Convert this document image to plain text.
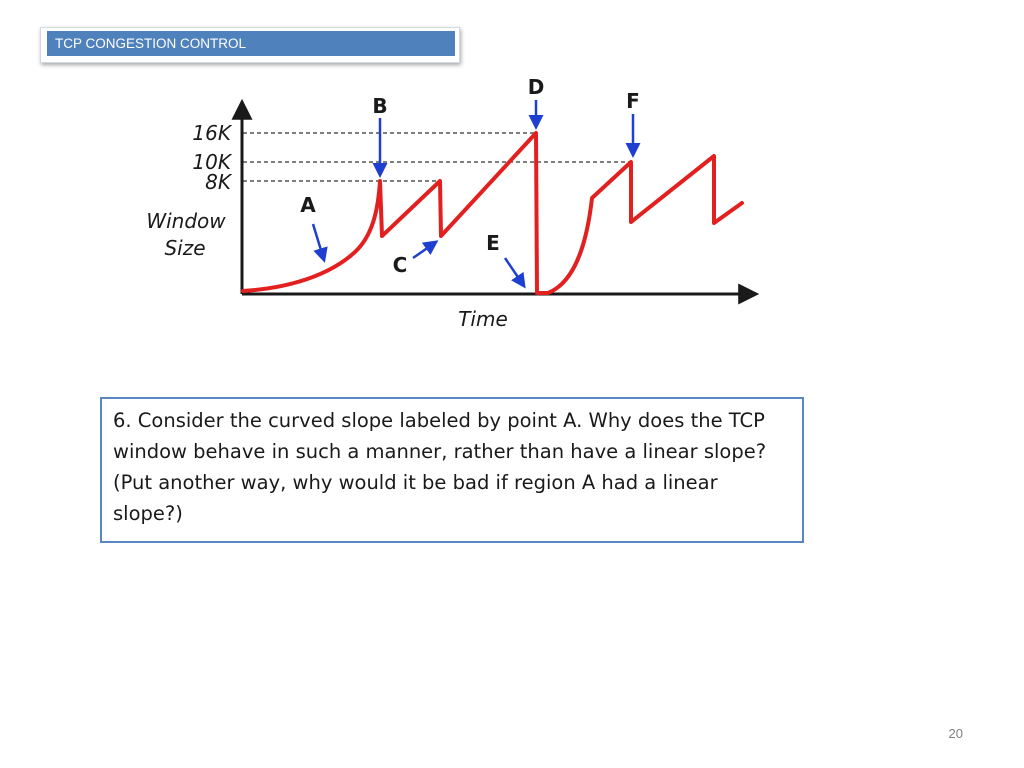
TCP CONGESTION CONTROL
16K
10K
8K
Window
Size
Time
A
B
C
D
E
F
6. Consider the curved slope labeled by point A. Why does the TCP window behave in such a manner, rather than have a linear slope? (Put another way, why would it be bad if region A had a linear slope?)
20
